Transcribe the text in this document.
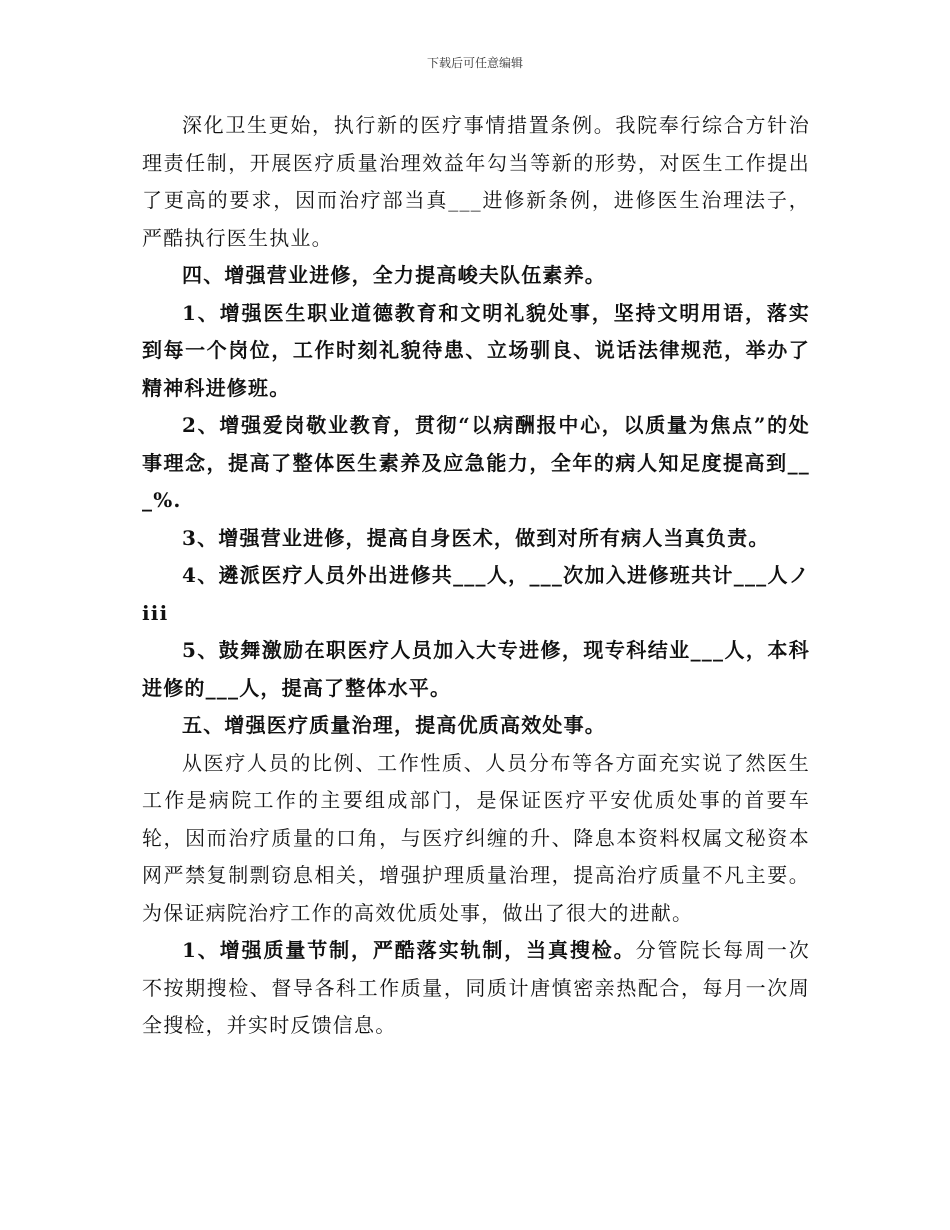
下载后可任意编辑

深化卫生更始，执行新的医疗事情措置条例。我院奉行综合方针治理责任制，开展医疗质量治理效益年勾当等新的形势，对医生工作提出了更高的要求，因而治疗部当真___进修新条例，进修医生治理法子，严酷执行医生执业。

四、增强营业进修，全力提高峻夫队伍素养。

1、增强医生职业道德教育和文明礼貌处事，坚持文明用语，落实到每一个岗位，工作时刻礼貌待患、立场驯良、说话法律规范，举办了精神科进修班。

2、增强爱岗敬业教育，贯彻“以病酬报中心，以质量为焦点”的处事理念，提高了整体医生素养及应急能力，全年的病人知足度提高到___%.

3、增强营业进修，提高自身医术，做到对所有病人当真负责。

4、遴派医疗人员外出进修共___人，___次加入进修班共计___人ノiii

5、鼓舞激励在职医疗人员加入大专进修，现专科结业___人，本科进修的___人，提高了整体水平。

五、增强医疗质量治理，提高优质高效处事。

从医疗人员的比例、工作性质、人员分布等各方面充实说了然医生工作是病院工作的主要组成部门，是保证医疗平安优质处事的首要车轮，因而治疗质量的口角，与医疗纠缠的升、降息本资料权属文秘资本网严禁复制剽窃息相关，增强护理质量治理，提高治疗质量不凡主要。为保证病院治疗工作的高效优质处事，做出了很大的进献。

1、增强质量节制，严酷落实轨制，当真搜检。分管院长每周一次不按期搜检、督导各科工作质量，同质计唐慎密亲热配合，每月一次周全搜检，并实时反馈信息。
